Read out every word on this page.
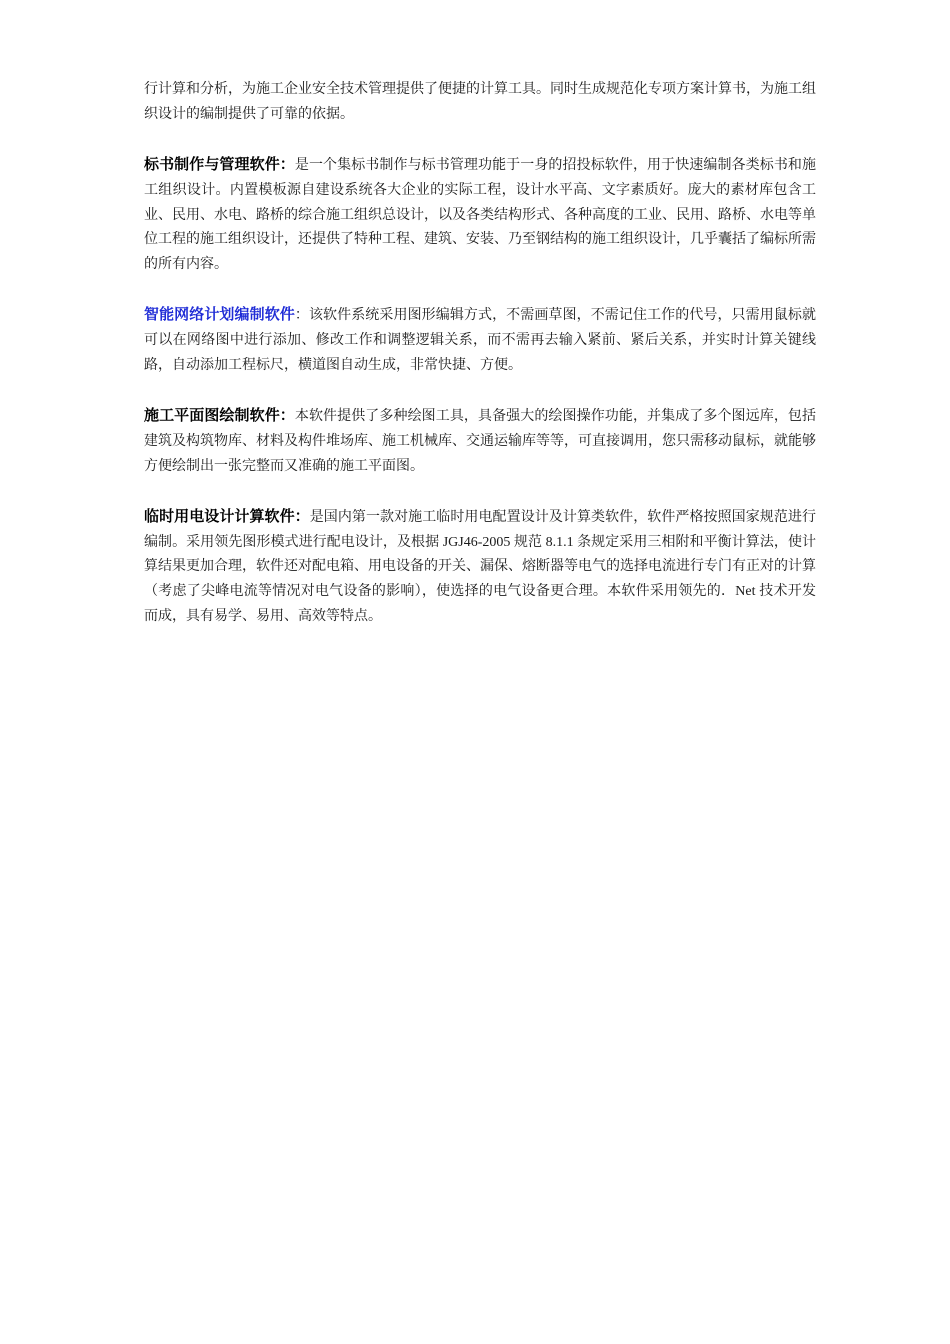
行计算和分析，为施工企业安全技术管理提供了便捷的计算工具。同时生成规范化专项方案计算书，为施工组织设计的编制提供了可靠的依据。

标书制作与管理软件：是一个集标书制作与标书管理功能于一身的招投标软件，用于快速编制各类标书和施工组织设计。内置模板源自建设系统各大企业的实际工程，设计水平高、文字素质好。庞大的素材库包含工业、民用、水电、路桥的综合施工组织总设计，以及各类结构形式、各种高度的工业、民用、路桥、水电等单位工程的施工组织设计，还提供了特种工程、建筑、安装、乃至钢结构的施工组织设计，几乎囊括了编标所需的所有内容。

智能网络计划编制软件：该软件系统采用图形编辑方式，不需画草图，不需记住工作的代号，只需用鼠标就可以在网络图中进行添加、修改工作和调整逻辑关系，而不需再去输入紧前、紧后关系，并实时计算关键线路，自动添加工程标尺，横道图自动生成，非常快捷、方便。

施工平面图绘制软件：本软件提供了多种绘图工具，具备强大的绘图操作功能，并集成了多个图远库，包括建筑及构筑物库、材料及构件堆场库、施工机械库、交通运输库等等，可直接调用，您只需移动鼠标，就能够方便绘制出一张完整而又准确的施工平面图。

临时用电设计计算软件：是国内第一款对施工临时用电配置设计及计算类软件，软件严格按照国家规范进行编制。采用领先图形模式进行配电设计，及根据 JGJ46-2005 规范 8.1.1 条规定采用三相附和平衡计算法，使计算结果更加合理，软件还对配电箱、用电设备的开关、漏保、熔断器等电气的选择电流进行专门有正对的计算（考虑了尖峰电流等情况对电气设备的影响），使选择的电气设备更合理。本软件采用领先的．Net 技术开发而成，具有易学、易用、高效等特点。
